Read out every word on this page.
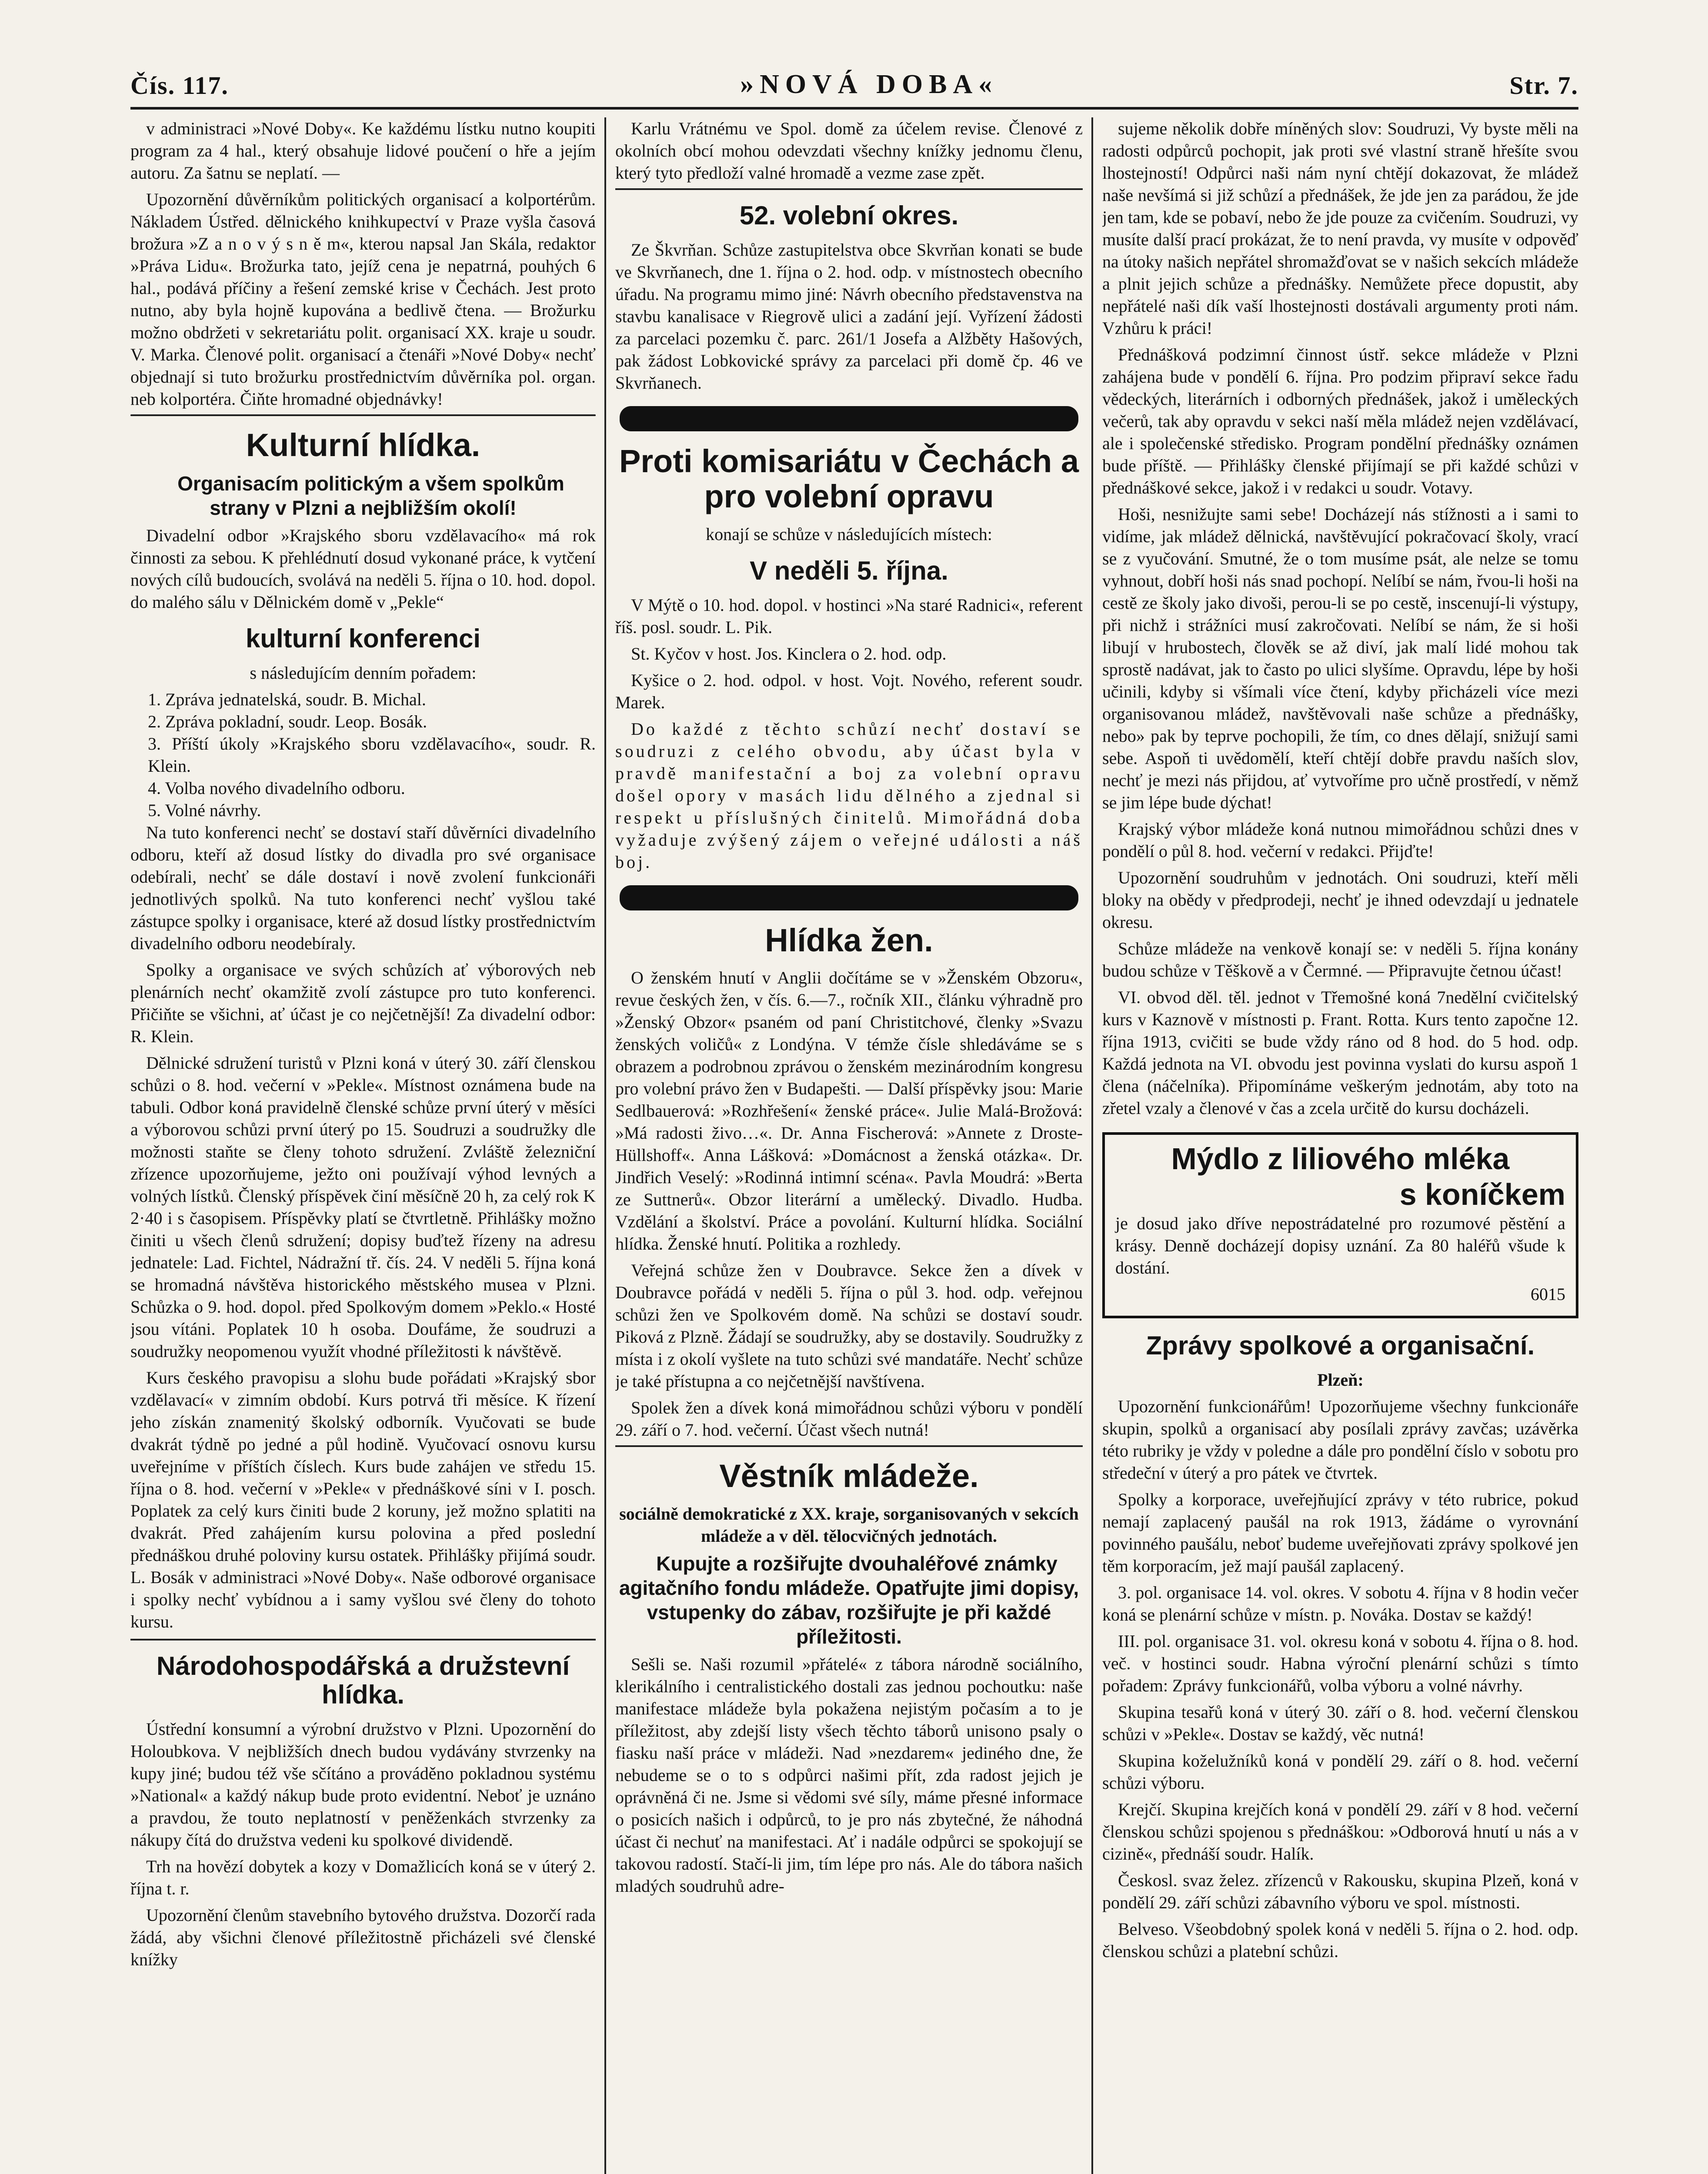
Čís. 117.	»NOVÁ DOBA«	Str. 7.

v administraci »Nové Doby«. Ke každému lístku nutno koupiti program za 4 hal., který obsahuje lidové poučení o hře a jejím autoru. Za šatnu se neplatí. —

Upozornění důvěrníkům politických organisací a kolportérům. Nákladem Ústřed. dělnického knihkupectví v Praze vyšla časová brožura »Z a n o v ý s n ě m«, kterou napsal Jan Skála, redaktor »Práva Lidu«. Brožurka tato, jejíž cena je nepatrná, pouhých 6 hal., podává příčiny a řešení zemské krise v Čechách. Jest proto nutno, aby byla hojně kupována a bedlivě čtena. — Brožurku možno obdržeti v sekretariátu polit. organisací XX. kraje u soudr. V. Marka. Členové polit. organisací a čtenáři »Nové Doby« nechť objednají si tuto brožurku prostřednictvím důvěrníka pol. organ. neb kolportéra. Čiňte hromadné objednávky!

Kulturní hlídka.

Organisacím politickým a všem spolkům strany v Plzni a nejbližším okolí!

Divadelní odbor »Krajského sboru vzdělavacího« má rok činnosti za sebou. K přehlédnutí dosud vykonané práce, k vytčení nových cílů budoucích, svolává na neděli 5. října o 10. hod. dopol. do malého sálu v Dělnickém domě v „Pekle“

kulturní konferenci

s následujícím denním pořadem:

1. Zpráva jednatelská, soudr. B. Michal.

2. Zpráva pokladní, soudr. Leop. Bosák.

3. Příští úkoly »Krajského sboru vzdělavacího«, soudr. R. Klein.

4. Volba nového divadelního odboru.

5. Volné návrhy.

Na tuto konferenci nechť se dostaví staří důvěrníci divadelního odboru, kteří až dosud lístky do divadla pro své organisace odebírali, nechť se dále dostaví i nově zvolení funkcionáři jednotlivých spolků. Na tuto konferenci nechť vyšlou také zástupce spolky i organisace, které až dosud lístky prostřednictvím divadelního odboru neodebíraly.

Spolky a organisace ve svých schůzích ať výborových neb plenárních nechť okamžitě zvolí zástupce pro tuto konferenci. Přičiňte se všichni, ať účast je co nejčetnější! Za divadelní odbor: R. Klein.

Dělnické sdružení turistů v Plzni koná v úterý 30. září členskou schůzi o 8. hod. večerní v »Pekle«. Místnost oznámena bude na tabuli. Odbor koná pravidelně členské schůze první úterý v měsíci a výborovou schůzi první úterý po 15. Soudruzi a soudružky dle možnosti staňte se členy tohoto sdružení. Zvláště železniční zřízence upozorňujeme, ježto oni používají výhod levných a volných lístků. Členský příspěvek činí měsíčně 20 h, za celý rok K 2·40 i s časopisem. Příspěvky platí se čtvrtletně. Přihlášky možno činiti u všech členů sdružení; dopisy buďtež řízeny na adresu jednatele: Lad. Fichtel, Nádražní tř. čís. 24. V neděli 5. října koná se hromadná návštěva historického městského musea v Plzni. Schůzka o 9. hod. dopol. před Spolkovým domem »Peklo.« Hosté jsou vítáni. Poplatek 10 h osoba. Doufáme, že soudruzi a soudružky neopomenou využít vhodné příležitosti k návštěvě.

Kurs českého pravopisu a slohu bude pořádati »Krajský sbor vzdělavací« v zimním období. Kurs potrvá tři měsíce. K řízení jeho získán znamenitý školský odborník. Vyučovati se bude dvakrát týdně po jedné a půl hodině. Vyučovací osnovu kursu uveřejníme v příštích číslech. Kurs bude zahájen ve středu 15. října o 8. hod. večerní v »Pekle« v přednáškové síni v I. posch. Poplatek za celý kurs činiti bude 2 koruny, jež možno splatiti na dvakrát. Před zahájením kursu polovina a před poslední přednáškou druhé poloviny kursu ostatek. Přihlášky přijímá soudr. L. Bosák v administraci »Nové Doby«. Naše odborové organisace i spolky nechť vybídnou a i samy vyšlou své členy do tohoto kursu.

Národohospodářská a družstevní hlídka.

Ústřední konsumní a výrobní družstvo v Plzni. Upozornění do Holoubkova. V nejbližších dnech budou vydávány stvrzenky na kupy jiné; budou též vše sčítáno a prováděno pokladnou systému »National« a každý nákup bude proto evidentní. Neboť je uznáno a pravdou, že touto neplatností v peněženkách stvrzenky za nákupy čítá do družstva vedeni ku spolkové dividendě.

Trh na hovězí dobytek a kozy v Domažlicích koná se v úterý 2. října t. r.

Upozornění členům stavebního bytového družstva. Dozorčí rada žádá, aby všichni členové příležitostně přicházeli své členské knížky

Karlu Vrátnému ve Spol. domě za účelem revise. Členové z okolních obcí mohou odevzdati všechny knížky jednomu členu, který tyto předloží valné hromadě a vezme zase zpět.

52. volební okres.

Ze Škvrňan. Schůze zastupitelstva obce Skvrňan konati se bude ve Skvrňanech, dne 1. října o 2. hod. odp. v místnostech obecního úřadu. Na programu mimo jiné: Návrh obecního představenstva na stavbu kanalisace v Riegrově ulici a zadání její. Vyřízení žádosti za parcelaci pozemku č. parc. 261/1 Josefa a Alžběty Hašových, pak žádost Lobkovické správy za parcelaci při domě čp. 46 ve Skvrňanech.

Proti komisariátu v Čechách a pro volební opravu

konají se schůze v následujících místech:

V neděli 5. října.

V Mýtě o 10. hod. dopol. v hostinci »Na staré Radnici«, referent říš. posl. soudr. L. Pik.

St. Kyčov v host. Jos. Kinclera o 2. hod. odp.

Kyšice o 2. hod. odpol. v host. Vojt. Nového, referent soudr. Marek.

Do každé z těchto schůzí nechť dostaví se soudruzi z celého obvodu, aby účast byla v pravdě manifestační a boj za volební opravu došel opory v masách lidu dělného a zjednal si respekt u příslušných činitelů. Mimořádná doba vyžaduje zvýšený zájem o veřejné události a náš boj.

Hlídka žen.

O ženském hnutí v Anglii dočítáme se v »Ženském Obzoru«, revue českých žen, v čís. 6.—7., ročník XII., článku výhradně pro »Ženský Obzor« psaném od paní Christitchové, členky »Svazu ženských voličů« z Londýna. V témže čísle shledáváme se s obrazem a podrobnou zprávou o ženském mezinárodním kongresu pro volební právo žen v Budapešti. — Další příspěvky jsou: Marie Sedlbauerová: »Rozhřešení« ženské práce«. Julie Malá-Brožová: »Má radosti živo…«. Dr. Anna Fischerová: »Annete z Droste-Hüllshoff«. Anna Lášková: »Domácnost a ženská otázka«. Dr. Jindřich Veselý: »Rodinná intimní scéna«. Pavla Moudrá: »Berta ze Suttnerů«. Obzor literární a umělecký. Divadlo. Hudba. Vzdělání a školství. Práce a povolání. Kulturní hlídka. Sociální hlídka. Ženské hnutí. Politika a rozhledy.

Veřejná schůze žen v Doubravce. Sekce žen a dívek v Doubravce pořádá v neděli 5. října o půl 3. hod. odp. veřejnou schůzi žen ve Spolkovém domě. Na schůzi se dostaví soudr. Piková z Plzně. Žádají se soudružky, aby se dostavily. Soudružky z místa i z okolí vyšlete na tuto schůzi své mandatáře. Nechť schůze je také přístupna a co nejčetnější navštívena.

Spolek žen a dívek koná mimořádnou schůzi výboru v pondělí 29. září o 7. hod. večerní. Účast všech nutná!

Věstník mládeže.

sociálně demokratické z XX. kraje, sorganisovaných v sekcích mládeže a v děl. tělocvičných jednotách.

Kupujte a rozšiřujte dvouhaléřové známky agitačního fondu mládeže. Opatřujte jimi dopisy, vstupenky do zábav, rozšiřujte je při každé příležitosti.

Sešli se. Naši rozumil »přátelé« z tábora národně sociálního, klerikálního i centralistického dostali zas jednou pochoutku: naše manifestace mládeže byla pokažena nejistým počasím a to je příležitost, aby zdejší listy všech těchto táborů unisono psaly o fiasku naší práce v mládeži. Nad »nezdarem« jediného dne, že nebudeme se o to s odpůrci našimi přít, zda radost jejich je oprávněná či ne. Jsme si vědomi své síly, máme přesné informace o posicích našich i odpůrců, to je pro nás zbytečné, že náhodná účast či nechuť na manifestaci. Ať i nadále odpůrci se spokojují se takovou radostí. Stačí-li jim, tím lépe pro nás. Ale do tábora našich mladých soudruhů adre-

sujeme několik dobře míněných slov: Soudruzi, Vy byste měli na radosti odpůrců pochopit, jak proti své vlastní straně hřešíte svou lhostejností! Odpůrci naši nám nyní chtějí dokazovat, že mládež naše nevšímá si již schůzí a přednášek, že jde jen za parádou, že jde jen tam, kde se pobaví, nebo že jde pouze za cvičením. Soudruzi, vy musíte další prací prokázat, že to není pravda, vy musíte v odpověď na útoky našich nepřátel shromažďovat se v našich sekcích mládeže a plnit jejich schůze a přednášky. Nemůžete přece dopustit, aby nepřátelé naši dík vaší lhostejnosti dostávali argumenty proti nám. Vzhůru k práci!

Přednášková podzimní činnost ústř. sekce mládeže v Plzni zahájena bude v pondělí 6. října. Pro podzim připraví sekce řadu vědeckých, literárních i odborných přednášek, jakož i uměleckých večerů, tak aby opravdu v sekci naší měla mládež nejen vzdělávací, ale i společenské středisko. Program pondělní přednášky oznámen bude příště. — Přihlášky členské přijímají se při každé schůzi v přednáškové sekce, jakož i v redakci u soudr. Votavy.

Hoši, nesnižujte sami sebe! Docházejí nás stížnosti a i sami to vidíme, jak mládež dělnická, navštěvující pokračovací školy, vrací se z vyučování. Smutné, že o tom musíme psát, ale nelze se tomu vyhnout, dobří hoši nás snad pochopí. Nelíbí se nám, řvou-li hoši na cestě ze školy jako divoši, perou-li se po cestě, inscenují-li výstupy, při nichž i strážníci musí zakročovati. Nelíbí se nám, že si hoši libují v hrubostech, člověk se až diví, jak malí lidé mohou tak sprostě nadávat, jak to často po ulici slyšíme. Opravdu, lépe by hoši učinili, kdyby si všímali více čtení, kdyby přicházeli více mezi organisovanou mládež, navštěvovali naše schůze a přednášky, nebo» pak by teprve pochopili, že tím, co dnes dělají, snižují sami sebe. Aspoň ti uvědomělí, kteří chtějí dobře pravdu naších slov, nechť je mezi nás přijdou, ať vytvoříme pro učně prostředí, v němž se jim lépe bude dýchat!

Krajský výbor mládeže koná nutnou mimořádnou schůzi dnes v pondělí o půl 8. hod. večerní v redakci. Přijďte!

Upozornění soudruhům v jednotách. Oni soudruzi, kteří měli bloky na obědy v předprodeji, nechť je ihned odevzdají u jednatele okresu.

Schůze mládeže na venkově konají se: v neděli 5. října konány budou schůze v Těškově a v Čermné. — Připravujte četnou účast!

VI. obvod děl. těl. jednot v Třemošné koná 7nedělní cvičitelský kurs v Kaznově v místnosti p. Frant. Rotta. Kurs tento započne 12. října 1913, cvičiti se bude vždy ráno od 8 hod. do 5 hod. odp. Každá jednota na VI. obvodu jest povinna vyslati do kursu aspoň 1 člena (náčelníka). Připomínáme veškerým jednotám, aby toto na zřetel vzaly a členové v čas a zcela určitě do kursu docházeli.

Mýdlo z liliového mléka
s koníčkem

je dosud jako dříve nepostrádatelné pro rozumové pěstění a krásy. Denně docházejí dopisy uznání. Za 80 haléřů všude k dostání.

6015

Zprávy spolkové a organisační.

Plzeň:

Upozornění funkcionářům! Upozorňujeme všechny funkcionáře skupin, spolků a organisací aby posílali zprávy zavčas; uzávěrka této rubriky je vždy v poledne a dále pro pondělní číslo v sobotu pro středeční v úterý a pro pátek ve čtvrtek.

Spolky a korporace, uveřejňující zprávy v této rubrice, pokud nemají zaplacený paušál na rok 1913, žádáme o vyrovnání povinného paušálu, neboť budeme uveřejňovati zprávy spolkové jen těm korporacím, jež mají paušál zaplacený.

3. pol. organisace 14. vol. okres. V sobotu 4. října v 8 hodin večer koná se plenární schůze v místn. p. Nováka. Dostav se každý!

III. pol. organisace 31. vol. okresu koná v sobotu 4. října o 8. hod. več. v hostinci soudr. Habna výroční plenární schůzi s tímto pořadem: Zprávy funkcionářů, volba výboru a volné návrhy.

Skupina tesařů koná v úterý 30. září o 8. hod. večerní členskou schůzi v »Pekle«. Dostav se každý, věc nutná!

Skupina koželužníků koná v pondělí 29. září o 8. hod. večerní schůzi výboru.

Krejčí. Skupina krejčích koná v pondělí 29. září v 8 hod. večerní členskou schůzi spojenou s přednáškou: »Odborová hnutí u nás a v cizině«, přednáší soudr. Halík.

Českosl. svaz želez. zřízenců v Rakousku, skupina Plzeň, koná v pondělí 29. září schůzi zábavního výboru ve spol. místnosti.

Belveso. Všeobdobný spolek koná v neděli 5. října o 2. hod. odp. členskou schůzi a platební schůzi.
